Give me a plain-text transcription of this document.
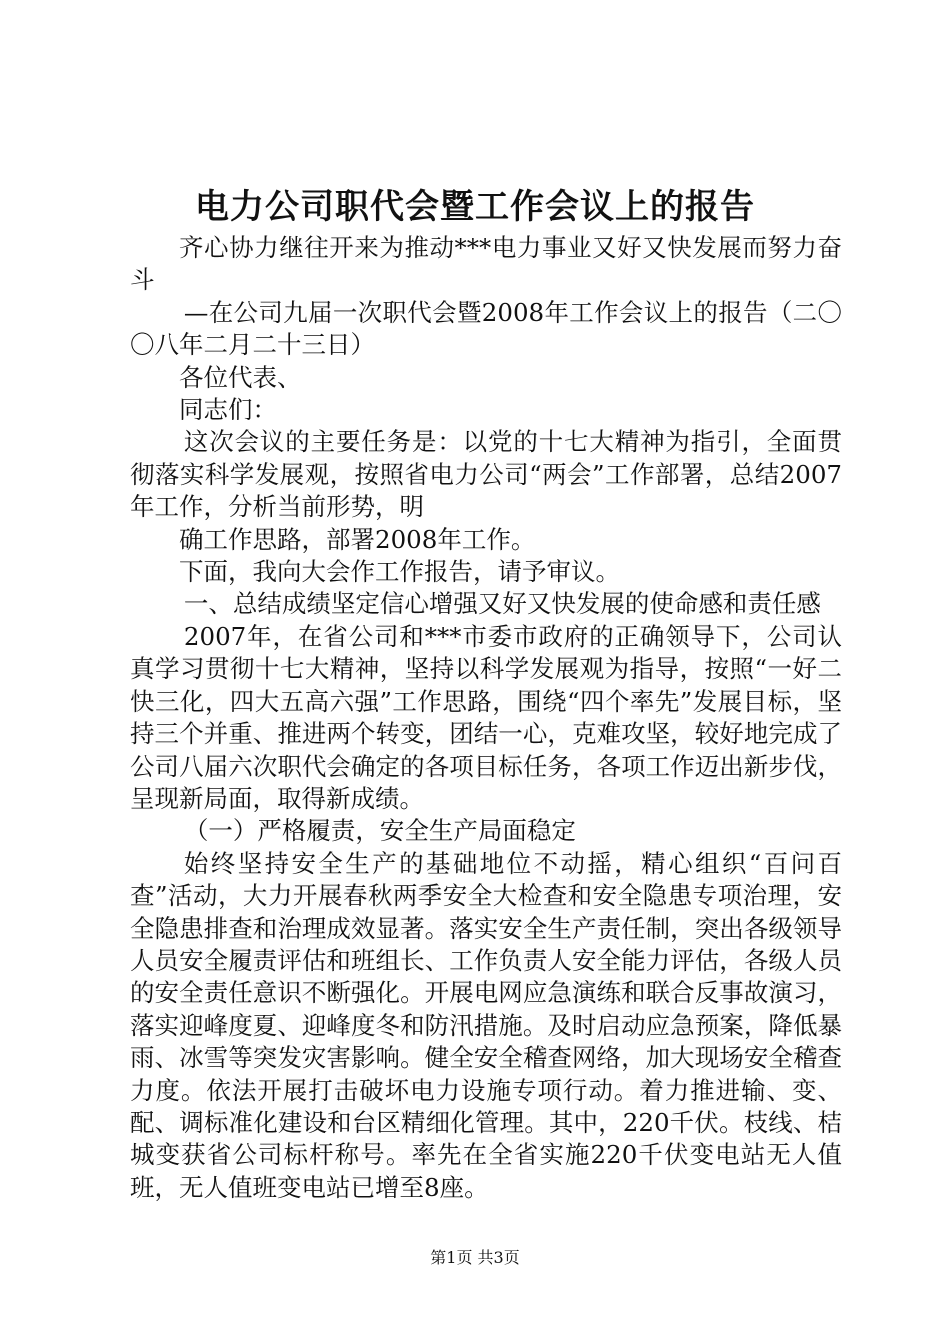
电力公司职代会暨工作会议上的报告

齐心协力继往开来为推动***电力事业又好又快发展而努力奋斗

—在公司九届一次职代会暨2008年工作会议上的报告（二〇〇八年二月二十三日）

各位代表、

同志们：

这次会议的主要任务是：以党的十七大精神为指引，全面贯彻落实科学发展观，按照省电力公司“两会”工作部署，总结2007年工作，分析当前形势，明

确工作思路，部署2008年工作。

下面，我向大会作工作报告，请予审议。

一、总结成绩坚定信心增强又好又快发展的使命感和责任感

2007年，在省公司和***市委市政府的正确领导下，公司认真学习贯彻十七大精神，坚持以科学发展观为指导，按照“一好二快三化，四大五高六强”工作思路，围绕“四个率先”发展目标，坚持三个并重、推进两个转变，团结一心，克难攻坚，较好地完成了公司八届六次职代会确定的各项目标任务，各项工作迈出新步伐，呈现新局面，取得新成绩。

（一）严格履责，安全生产局面稳定

始终坚持安全生产的基础地位不动摇，精心组织“百问百查”活动，大力开展春秋两季安全大检查和安全隐患专项治理，安全隐患排查和治理成效显著。落实安全生产责任制，突出各级领导人员安全履责评估和班组长、工作负责人安全能力评估，各级人员的安全责任意识不断强化。开展电网应急演练和联合反事故演习，落实迎峰度夏、迎峰度冬和防汛措施。及时启动应急预案，降低暴雨、冰雪等突发灾害影响。健全安全稽查网络，加大现场安全稽查力度。依法开展打击破坏电力设施专项行动。着力推进输、变、配、调标准化建设和台区精细化管理。其中，220千伏。枝线、桔城变获省公司标杆称号。率先在全省实施220千伏变电站无人值班，无人值班变电站已增至8座。

第1页 共3页
